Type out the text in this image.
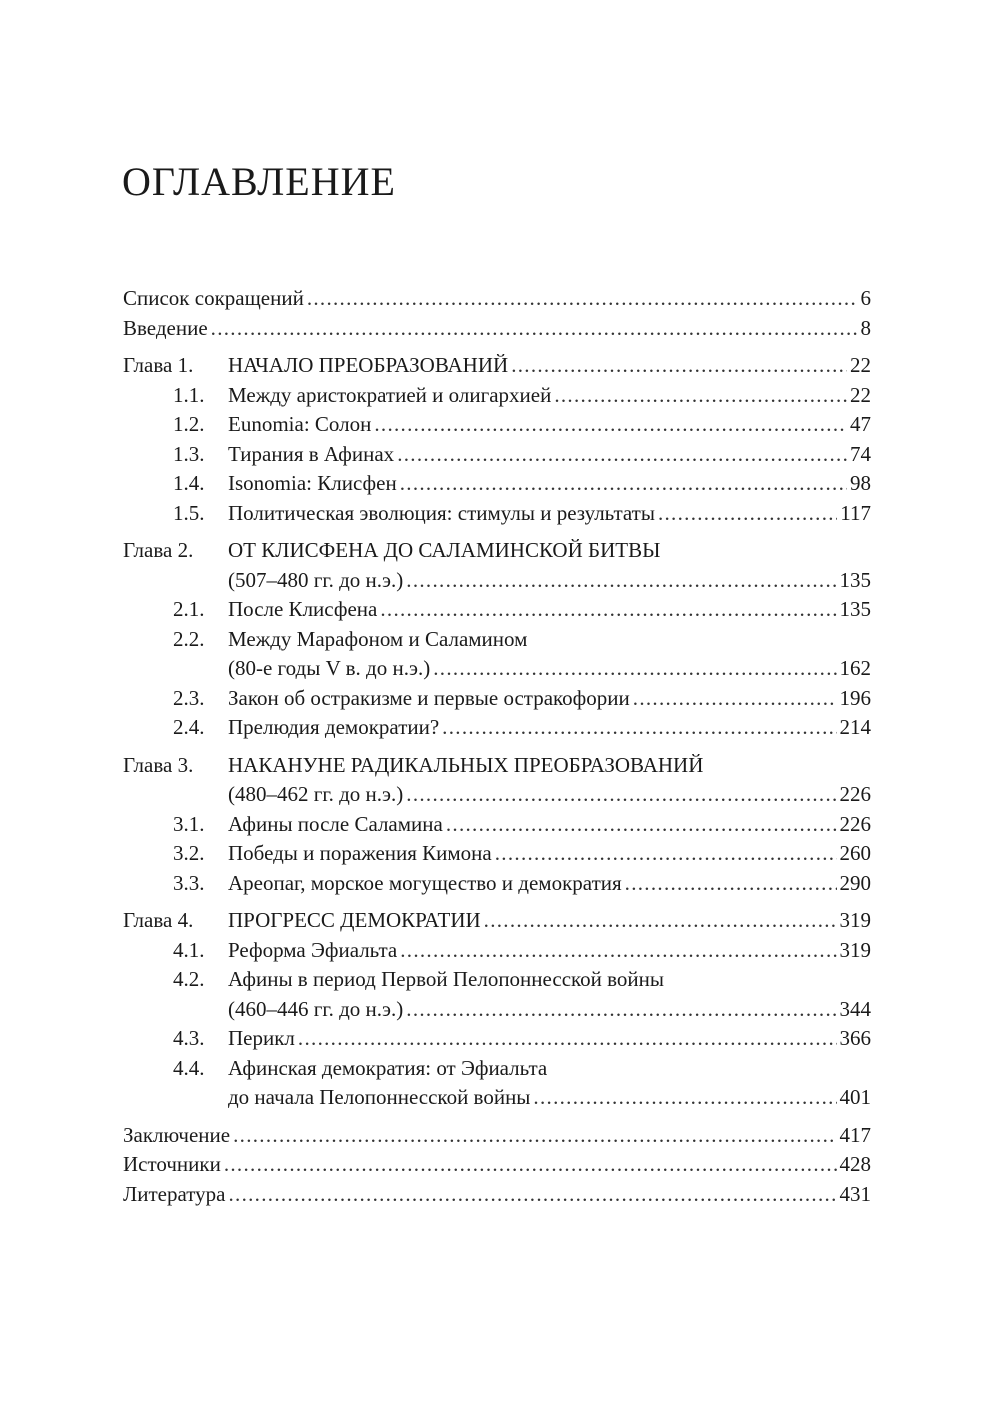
ОГЛАВЛЕНИЕ
Список сокращений .....	6
Введение .....	8
Глава 1.	НАЧАЛО ПРЕОБРАЗОВАНИЙ .....	22
1.1.	Между аристократией и олигархией .....	22
1.2.	Eunomia: Солон .....	47
1.3.	Тирания в Афинах .....	74
1.4.	Isonomia: Клисфен .....	98
1.5.	Политическая эволюция: стимулы и результаты .....	117
Глава 2.	ОТ КЛИСФЕНА ДО САЛАМИНСКОЙ БИТВЫ
(507–480 гг. до н.э.) .....	135
2.1.	После Клисфена .....	135
2.2.	Между Марафоном и Саламином
(80-е годы V в. до н.э.) .....	162
2.3.	Закон об остракизме и первые остракофории .....	196
2.4.	Прелюдия демократии? .....	214
Глава 3.	НАКАНУНЕ РАДИКАЛЬНЫХ ПРЕОБРАЗОВАНИЙ
(480–462 гг. до н.э.) .....	226
3.1.	Афины после Саламина .....	226
3.2.	Победы и поражения Кимона .....	260
3.3.	Ареопаг, морское могущество и демократия .....	290
Глава 4.	ПРОГРЕСС ДЕМОКРАТИИ .....	319
4.1.	Реформа Эфиальта .....	319
4.2.	Афины в период Первой Пелопоннесской войны
(460–446 гг. до н.э.) .....	344
4.3.	Перикл .....	366
4.4.	Афинская демократия: от Эфиальта
до начала Пелопоннесской войны .....	401
Заключение .....	417
Источники .....	428
Литература .....	431
